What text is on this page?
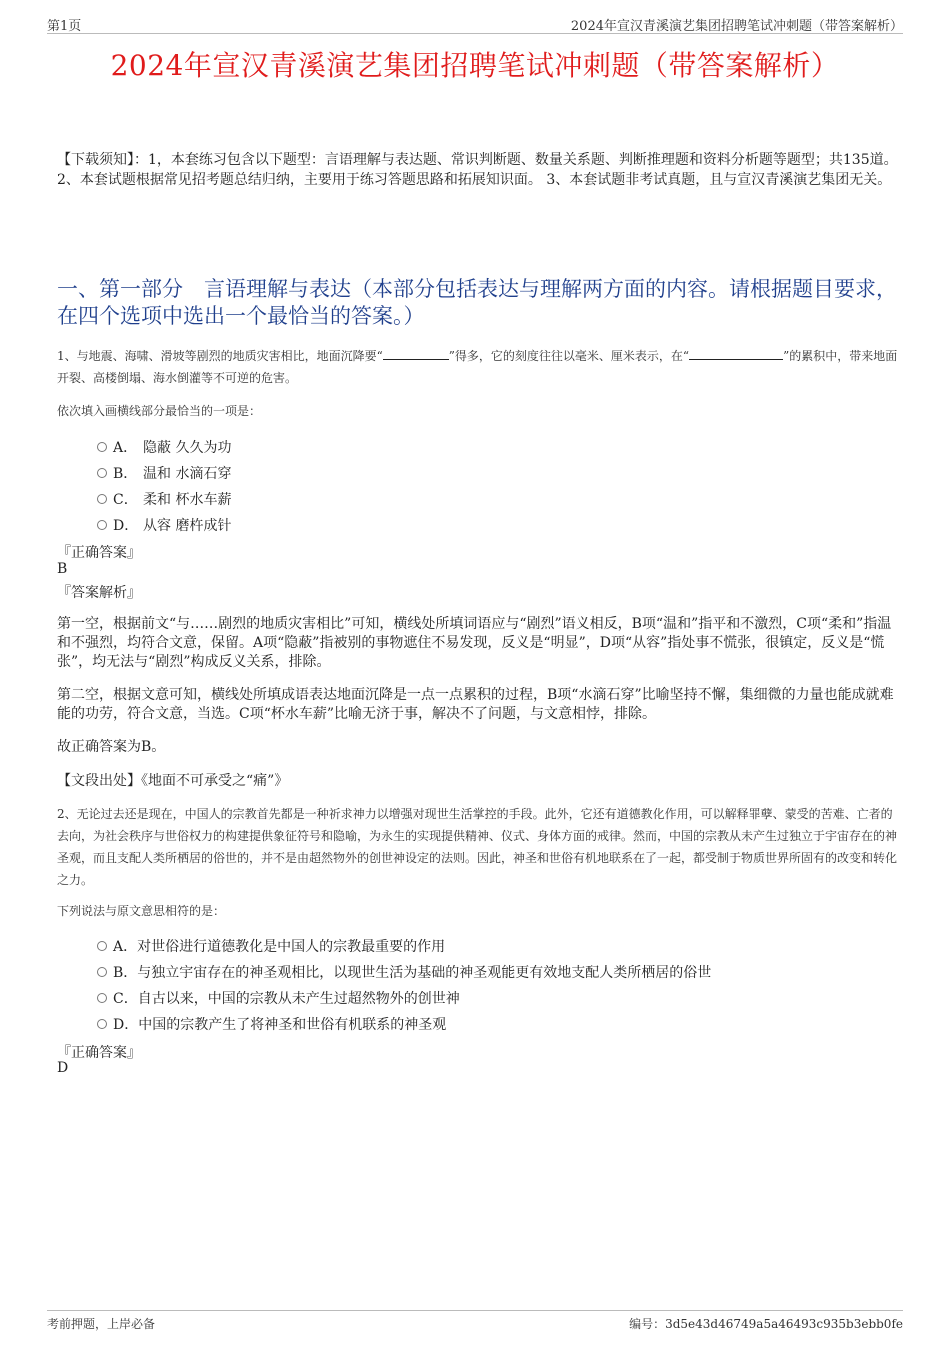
第1页	2024年宣汉青溪演艺集团招聘笔试冲刺题（带答案解析）
2024年宣汉青溪演艺集团招聘笔试冲刺题（带答案解析）
【下载须知】：1，本套练习包含以下题型：言语理解与表达题、常识判断题、数量关系题、判断推理题和资料分析题等题型；共135道。 2、本套试题根据常见招考题总结归纳，主要用于练习答题思路和拓展知识面。 3、本套试题非考试真题，且与宣汉青溪演艺集团无关。
一、第一部分　言语理解与表达（本部分包括表达与理解两方面的内容。请根据题目要求，在四个选项中选出一个最恰当的答案。）
1、与地震、海啸、滑坡等剧烈的地质灾害相比，地面沉降要“	”得多，它的刻度往往以毫米、厘米表示，在“	”的累积中，带来地面开裂、高楼倒塌、海水倒灌等不可逆的危害。
依次填入画横线部分最恰当的一项是：
A． 隐蔽 久久为功
B． 温和 水滴石穿
C． 柔和 杯水车薪
D． 从容 磨杵成针
『正确答案』
B
『答案解析』
第一空，根据前文“与……剧烈的地质灾害相比”可知，横线处所填词语应与“剧烈”语义相反，B项“温和”指平和不激烈，C项“柔和”指温和不强烈，均符合文意，保留。A项“隐蔽”指被别的事物遮住不易发现，反义是“明显”，D项“从容”指处事不慌张，很镇定，反义是“慌张”，均无法与“剧烈”构成反义关系，排除。
第二空，根据文意可知，横线处所填成语表达地面沉降是一点一点累积的过程，B项“水滴石穿”比喻坚持不懈，集细微的力量也能成就难能的功劳，符合文意，当选。C项“杯水车薪”比喻无济于事，解决不了问题，与文意相悖，排除。
故正确答案为B。
【文段出处】《地面不可承受之“痛”》
2、无论过去还是现在，中国人的宗教首先都是一种祈求神力以增强对现世生活掌控的手段。此外，它还有道德教化作用，可以解释罪孽、蒙受的苦难、亡者的去向，为社会秩序与世俗权力的构建提供象征符号和隐喻，为永生的实现提供精神、仪式、身体方面的戒律。然而，中国的宗教从未产生过独立于宇宙存在的神圣观，而且支配人类所栖居的俗世的，并不是由超然物外的创世神设定的法则。因此，神圣和世俗有机地联系在了一起，都受制于物质世界所固有的改变和转化之力。
下列说法与原文意思相符的是：
A．对世俗进行道德教化是中国人的宗教最重要的作用
B．与独立宇宙存在的神圣观相比，以现世生活为基础的神圣观能更有效地支配人类所栖居的俗世
C．自古以来，中国的宗教从未产生过超然物外的创世神
D．中国的宗教产生了将神圣和世俗有机联系的神圣观
『正确答案』
D
考前押题，上岸必备	编号：3d5e43d46749a5a46493c935b3ebb0fe
